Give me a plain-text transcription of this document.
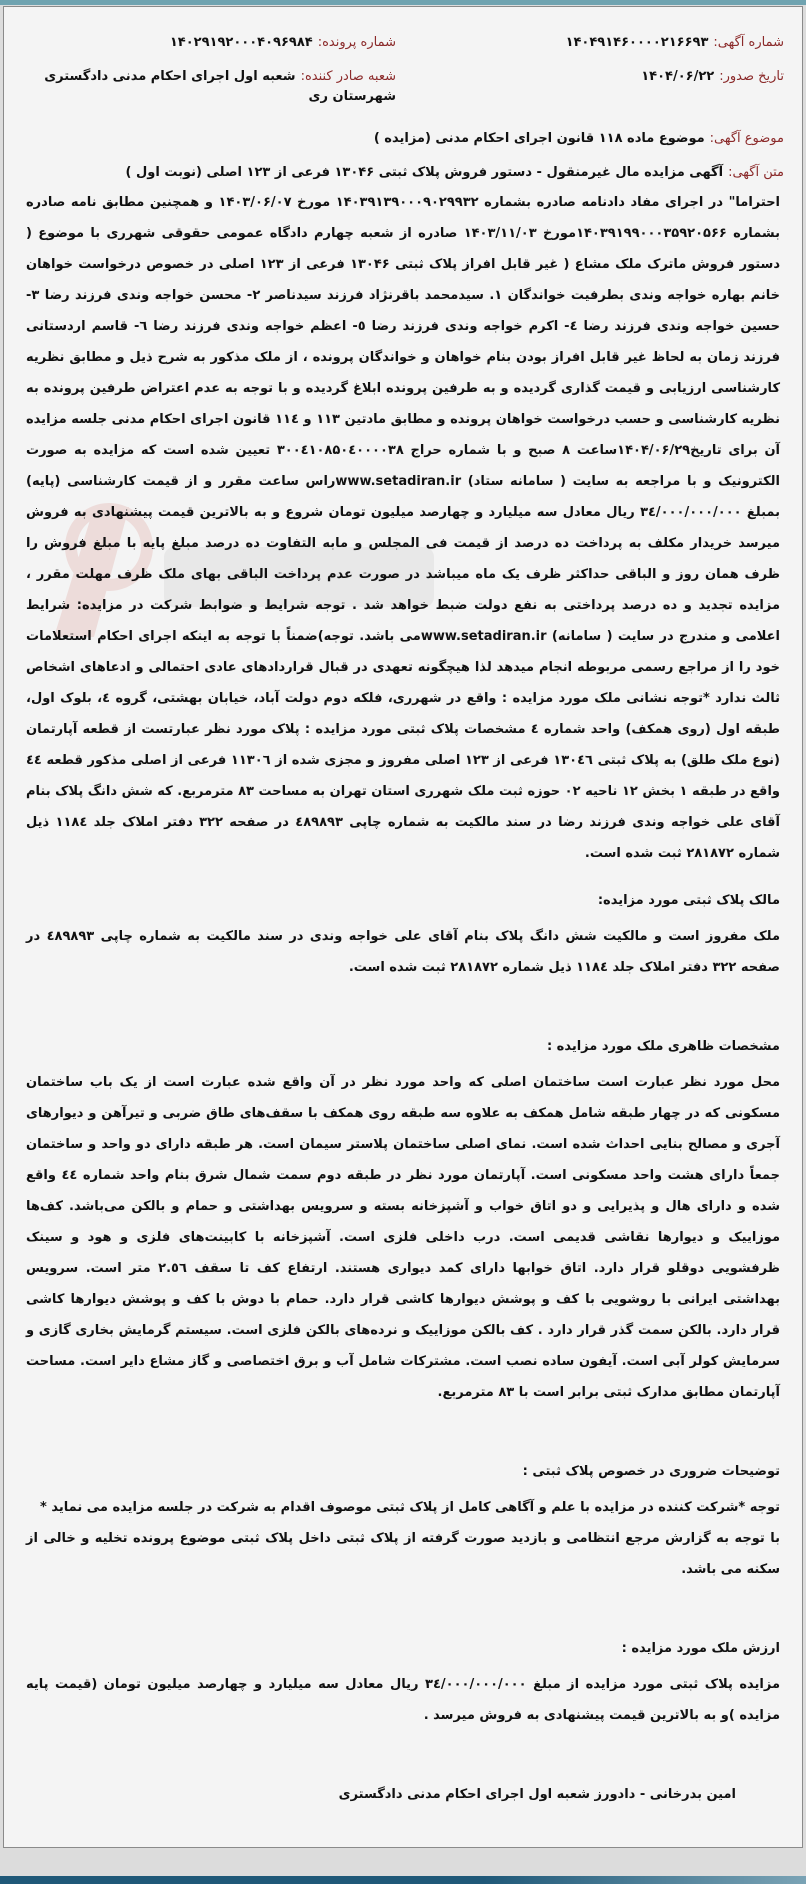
شماره آگهی:۱۴۰۴۹۱۴۶۰۰۰۰۲۱۶۶۹۳
شماره پرونده:۱۴۰۲۹۱۹۲۰۰۰۴۰۹۶۹۸۴
تاریخ صدور:۱۴۰۴/۰۶/۲۲
شعبه صادر کننده:شعبه اول اجرای احکام مدنی دادگستری شهرستان ری
موضوع آگهی:موضوع ماده ۱۱۸ قانون اجرای احکام مدنی (مزایده )
متن آگهی:آگهی مزایده مال غیرمنقول - دستور فروش پلاک ثبتی ۱۳۰۴۶ فرعی از ۱۲۳ اصلی (نوبت اول )
احتراما" در اجرای مفاد دادنامه صادره بشماره ۱۴۰۳۹۱۳۹۰۰۰۹۰۲۹۹۳۲ مورخ ۱۴۰۳/۰۶/۰۷ و همچنین مطابق نامه صادره بشماره ۱۴۰۳۹۱۹۹۰۰۰۳۵۹۲۰۵۶۶مورخ ۱۴۰۳/۱۱/۰۳ صادره از شعبه چهارم دادگاه عمومی حقوقی شهرری با موضوع ( دستور فروش ماترک ملک مشاع ( غیر قابل افراز پلاک ثبتی ۱۳۰۴۶ فرعی از ۱۲۳ اصلی در خصوص درخواست خواهان خانم بهاره خواجه وندی بطرفیت خواندگان ۱. سیدمحمد باقرنژاد فرزند سیدناصر ۲- محسن خواجه وندی فرزند رضا ۳- حسین خواجه وندی فرزند رضا ٤- اکرم خواجه وندی فرزند رضا ٥- اعظم خواجه وندی فرزند رضا ٦- قاسم اردستانی فرزند زمان به لحاظ غیر قابل افراز بودن بنام خواهان و خواندگان پرونده ، از ملک مذکور به شرح ذیل و مطابق نظریه کارشناسی ارزیابی و قیمت گذاری گردیده و به طرفین پرونده ابلاغ گردیده و با توجه به عدم اعتراض طرفین پرونده به نظریه کارشناسی و حسب درخواست خواهان پرونده و مطابق مادتین ۱۱۳ و ۱۱٤ قانون اجرای احکام مدنی جلسه مزایده آن برای تاریخ۱۴۰۴/۰۶/۲۹ساعت ۸ صبح و با شماره حراج ۳۰۰٤۱۰۸۵۰٤۰۰۰۰۳۸ تعیین شده است که مزایده به صورت الکترونیک و با مراجعه به سایت ( سامانه ستاد) www.setadiran.irراس ساعت مقرر و از قیمت کارشناسی (پایه) بمبلغ ۳٤/۰۰۰/۰۰۰/۰۰۰ ریال معادل سه میلیارد و چهارصد میلیون تومان شروع و به بالاترین قیمت پیشنهادی به فروش میرسد خریدار مکلف به پرداخت ده درصد از قیمت فی المجلس و مابه التفاوت ده درصد مبلغ پایه با مبلغ فروش را ظرف همان روز و الباقی حداکثر ظرف یک ماه میباشد در صورت عدم پرداخت الباقی بهای ملک ظرف مهلت مقرر ، مزایده تجدید و ده درصد پرداختی به نفع دولت ضبط خواهد شد . توجه شرایط و ضوابط شرکت در مزایده: شرایط اعلامی و مندرج در سایت ( سامانه) www.setadiran.irمی باشد. توجه)ضمناً با توجه به اینکه اجرای احکام استعلامات خود را از مراجع رسمی مربوطه انجام میدهد لذا هیچگونه تعهدی در قبال قراردادهای عادی احتمالی و ادعاهای اشخاص ثالث ندارد *توجه نشانی ملک مورد مزایده : واقع در شهرری، فلکه دوم دولت آباد، خیابان بهشتی، گروه ٤، بلوک اول، طبقه اول (روی همکف) واحد شماره ٤ مشخصات پلاک ثبتی مورد مزایده : پلاک مورد نظر عبارتست از قطعه آپارتمان (نوع ملک طلق) به پلاک ثبتی ۱۳۰٤٦ فرعی از ۱۲۳ اصلی مفروز و مجزی شده از ۱۱۳۰٦ فرعی از اصلی مذکور قطعه ٤٤ واقع در طبقه ۱ بخش ۱۲ ناحیه ۰۲ حوزه ثبت ملک شهرری استان تهران به مساحت ۸۳ مترمربع. که شش دانگ پلاک بنام آقای علی خواجه وندی فرزند رضا در سند مالکیت به شماره چاپی ٤۸۹۸۹۳ در صفحه ۳۲۲ دفتر املاک جلد ۱۱۸٤ ذیل شماره ۲۸۱۸۷۲ ثبت شده است.
مالک پلاک ثبتی مورد مزایده:
ملک مفروز است و مالکیت شش دانگ پلاک بنام آقای علی خواجه وندی در سند مالکیت به شماره چاپی ٤۸۹۸۹۳ در صفحه ۳۲۲ دفتر املاک جلد ۱۱۸٤ ذیل شماره ۲۸۱۸۷۲ ثبت شده است.
مشخصات ظاهری ملک مورد مزایده :
محل مورد نظر عبارت است ساختمان اصلی که واحد مورد نظر در آن واقع شده عبارت است از یک باب ساختمان مسکونی که در چهار طبقه شامل همکف به علاوه سه طبقه روی همکف با سقف‌های طاق ضربی و تیرآهن و دیوارهای آجری و مصالح بنایی احداث شده است. نمای اصلی ساختمان پلاستر سیمان است. هر طبقه دارای دو واحد و ساختمان جمعاً دارای هشت واحد مسکونی است. آپارتمان مورد نظر در طبقه دوم سمت شمال شرق بنام واحد شماره ٤٤ واقع شده و دارای هال و پذیرایی و دو اتاق خواب و آشپزخانه بسته و سرویس بهداشتی و حمام و بالکن می‌باشد. کف‌ها موزاییک و دیوارها نقاشی قدیمی است. درب داخلی فلزی است. آشپزخانه با کابینت‌های فلزی و هود و سینک ظرفشویی دوقلو قرار دارد. اتاق خوابها دارای کمد دیواری هستند. ارتفاع کف تا سقف ۲.٥٦ متر است. سرویس بهداشتی ایرانی با روشویی با کف و پوشش دیوارها کاشی قرار دارد. حمام با دوش با کف و پوشش دیوارها کاشی قرار دارد. بالکن سمت گذر قرار دارد . کف بالکن موزاییک و نرده‌های بالکن فلزی است. سیستم گرمایش بخاری گازی و سرمایش کولر آبی است. آیفون ساده نصب است. مشترکات شامل آب و برق اختصاصی و گاز مشاع دایر است. مساحت آپارتمان مطابق مدارک ثبتی برابر است با ۸۳ مترمربع.
توضیحات ضروری در خصوص پلاک ثبتی :
توجه *شرکت کننده در مزایده با علم و آگاهی کامل از پلاک ثبتی موصوف اقدام به شرکت در جلسه مزایده می نماید *
با توجه به گزارش مرجع انتظامی و بازدید صورت گرفته از پلاک ثبتی داخل پلاک ثبتی موضوع پرونده تخلیه و خالی از سکنه می باشد.
ارزش ملک مورد مزایده :
مزایده پلاک ثبتی مورد مزایده از مبلغ ۳٤/۰۰۰/۰۰۰/۰۰۰ ریال معادل سه میلیارد و چهارصد میلیون تومان (قیمت پایه مزایده )و به بالاترین قیمت پیشنهادی به فروش میرسد .
امین بدرخانی - دادورز شعبه اول اجرای احکام مدنی دادگستری
